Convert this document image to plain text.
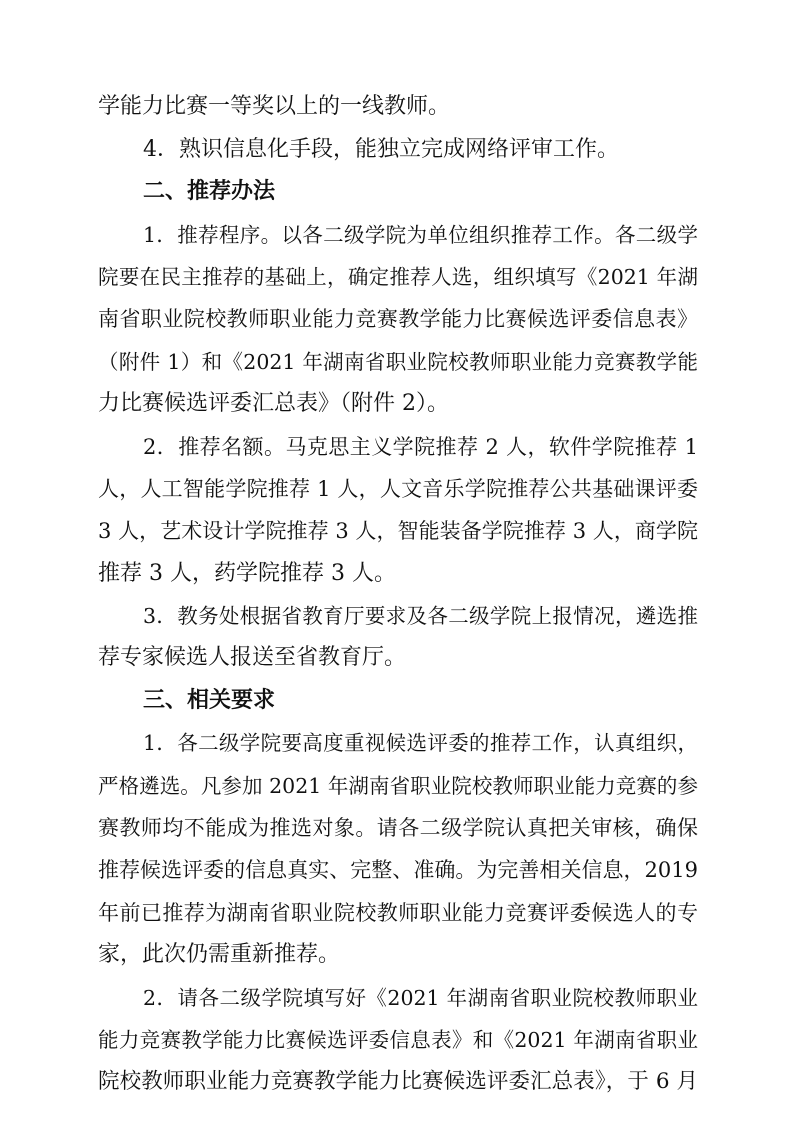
学能力比赛一等奖以上的一线教师。
4．熟识信息化手段，能独立完成网络评审工作。
二、推荐办法
1．推荐程序。以各二级学院为单位组织推荐工作。各二级学
院要在民主推荐的基础上，确定推荐人选，组织填写《2021 年湖
南省职业院校教师职业能力竞赛教学能力比赛候选评委信息表》
（附件 1）和《2021 年湖南省职业院校教师职业能力竞赛教学能
力比赛候选评委汇总表》（附件 2）。
2．推荐名额。马克思主义学院推荐 2 人，软件学院推荐 1
人，人工智能学院推荐 1 人，人文音乐学院推荐公共基础课评委
3 人，艺术设计学院推荐 3 人，智能装备学院推荐 3 人，商学院
推荐 3 人，药学院推荐 3 人。
3．教务处根据省教育厅要求及各二级学院上报情况，遴选推
荐专家候选人报送至省教育厅。
三、相关要求
1．各二级学院要高度重视候选评委的推荐工作，认真组织，
严格遴选。凡参加 2021 年湖南省职业院校教师职业能力竞赛的参
赛教师均不能成为推选对象。请各二级学院认真把关审核，确保
推荐候选评委的信息真实、完整、准确。为完善相关信息，2019
年前已推荐为湖南省职业院校教师职业能力竞赛评委候选人的专
家，此次仍需重新推荐。
2．请各二级学院填写好《2021 年湖南省职业院校教师职业
能力竞赛教学能力比赛候选评委信息表》和《2021 年湖南省职业
院校教师职业能力竞赛教学能力比赛候选评委汇总表》，于 6 月
